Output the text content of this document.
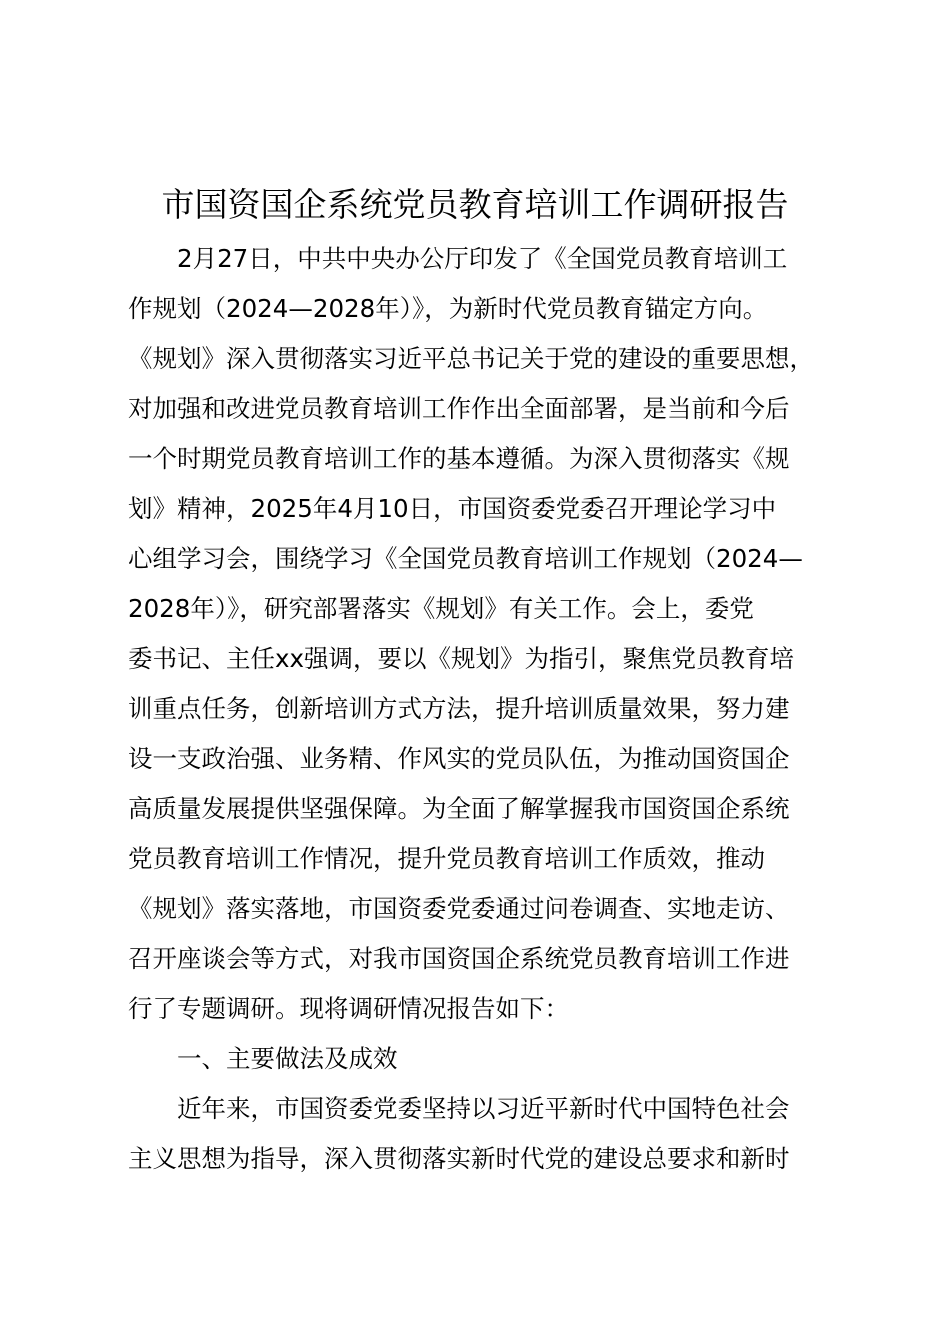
市国资国企系统党员教育培训工作调研报告
2月27日，中共中央办公厅印发了《全国党员教育培训工
作规划（2024—2028年）》，为新时代党员教育锚定方向。
《规划》深入贯彻落实习近平总书记关于党的建设的重要思想，
对加强和改进党员教育培训工作作出全面部署，是当前和今后
一个时期党员教育培训工作的基本遵循。为深入贯彻落实《规
划》精神，2025年4月10日，市国资委党委召开理论学习中
心组学习会，围绕学习《全国党员教育培训工作规划（2024—
2028年）》，研究部署落实《规划》有关工作。会上，委党
委书记、主任xx强调，要以《规划》为指引，聚焦党员教育培
训重点任务，创新培训方式方法，提升培训质量效果，努力建
设一支政治强、业务精、作风实的党员队伍，为推动国资国企
高质量发展提供坚强保障。为全面了解掌握我市国资国企系统
党员教育培训工作情况，提升党员教育培训工作质效，推动
《规划》落实落地，市国资委党委通过问卷调查、实地走访、
召开座谈会等方式，对我市国资国企系统党员教育培训工作进
行了专题调研。现将调研情况报告如下：
一、主要做法及成效
近年来，市国资委党委坚持以习近平新时代中国特色社会
主义思想为指导，深入贯彻落实新时代党的建设总要求和新时
